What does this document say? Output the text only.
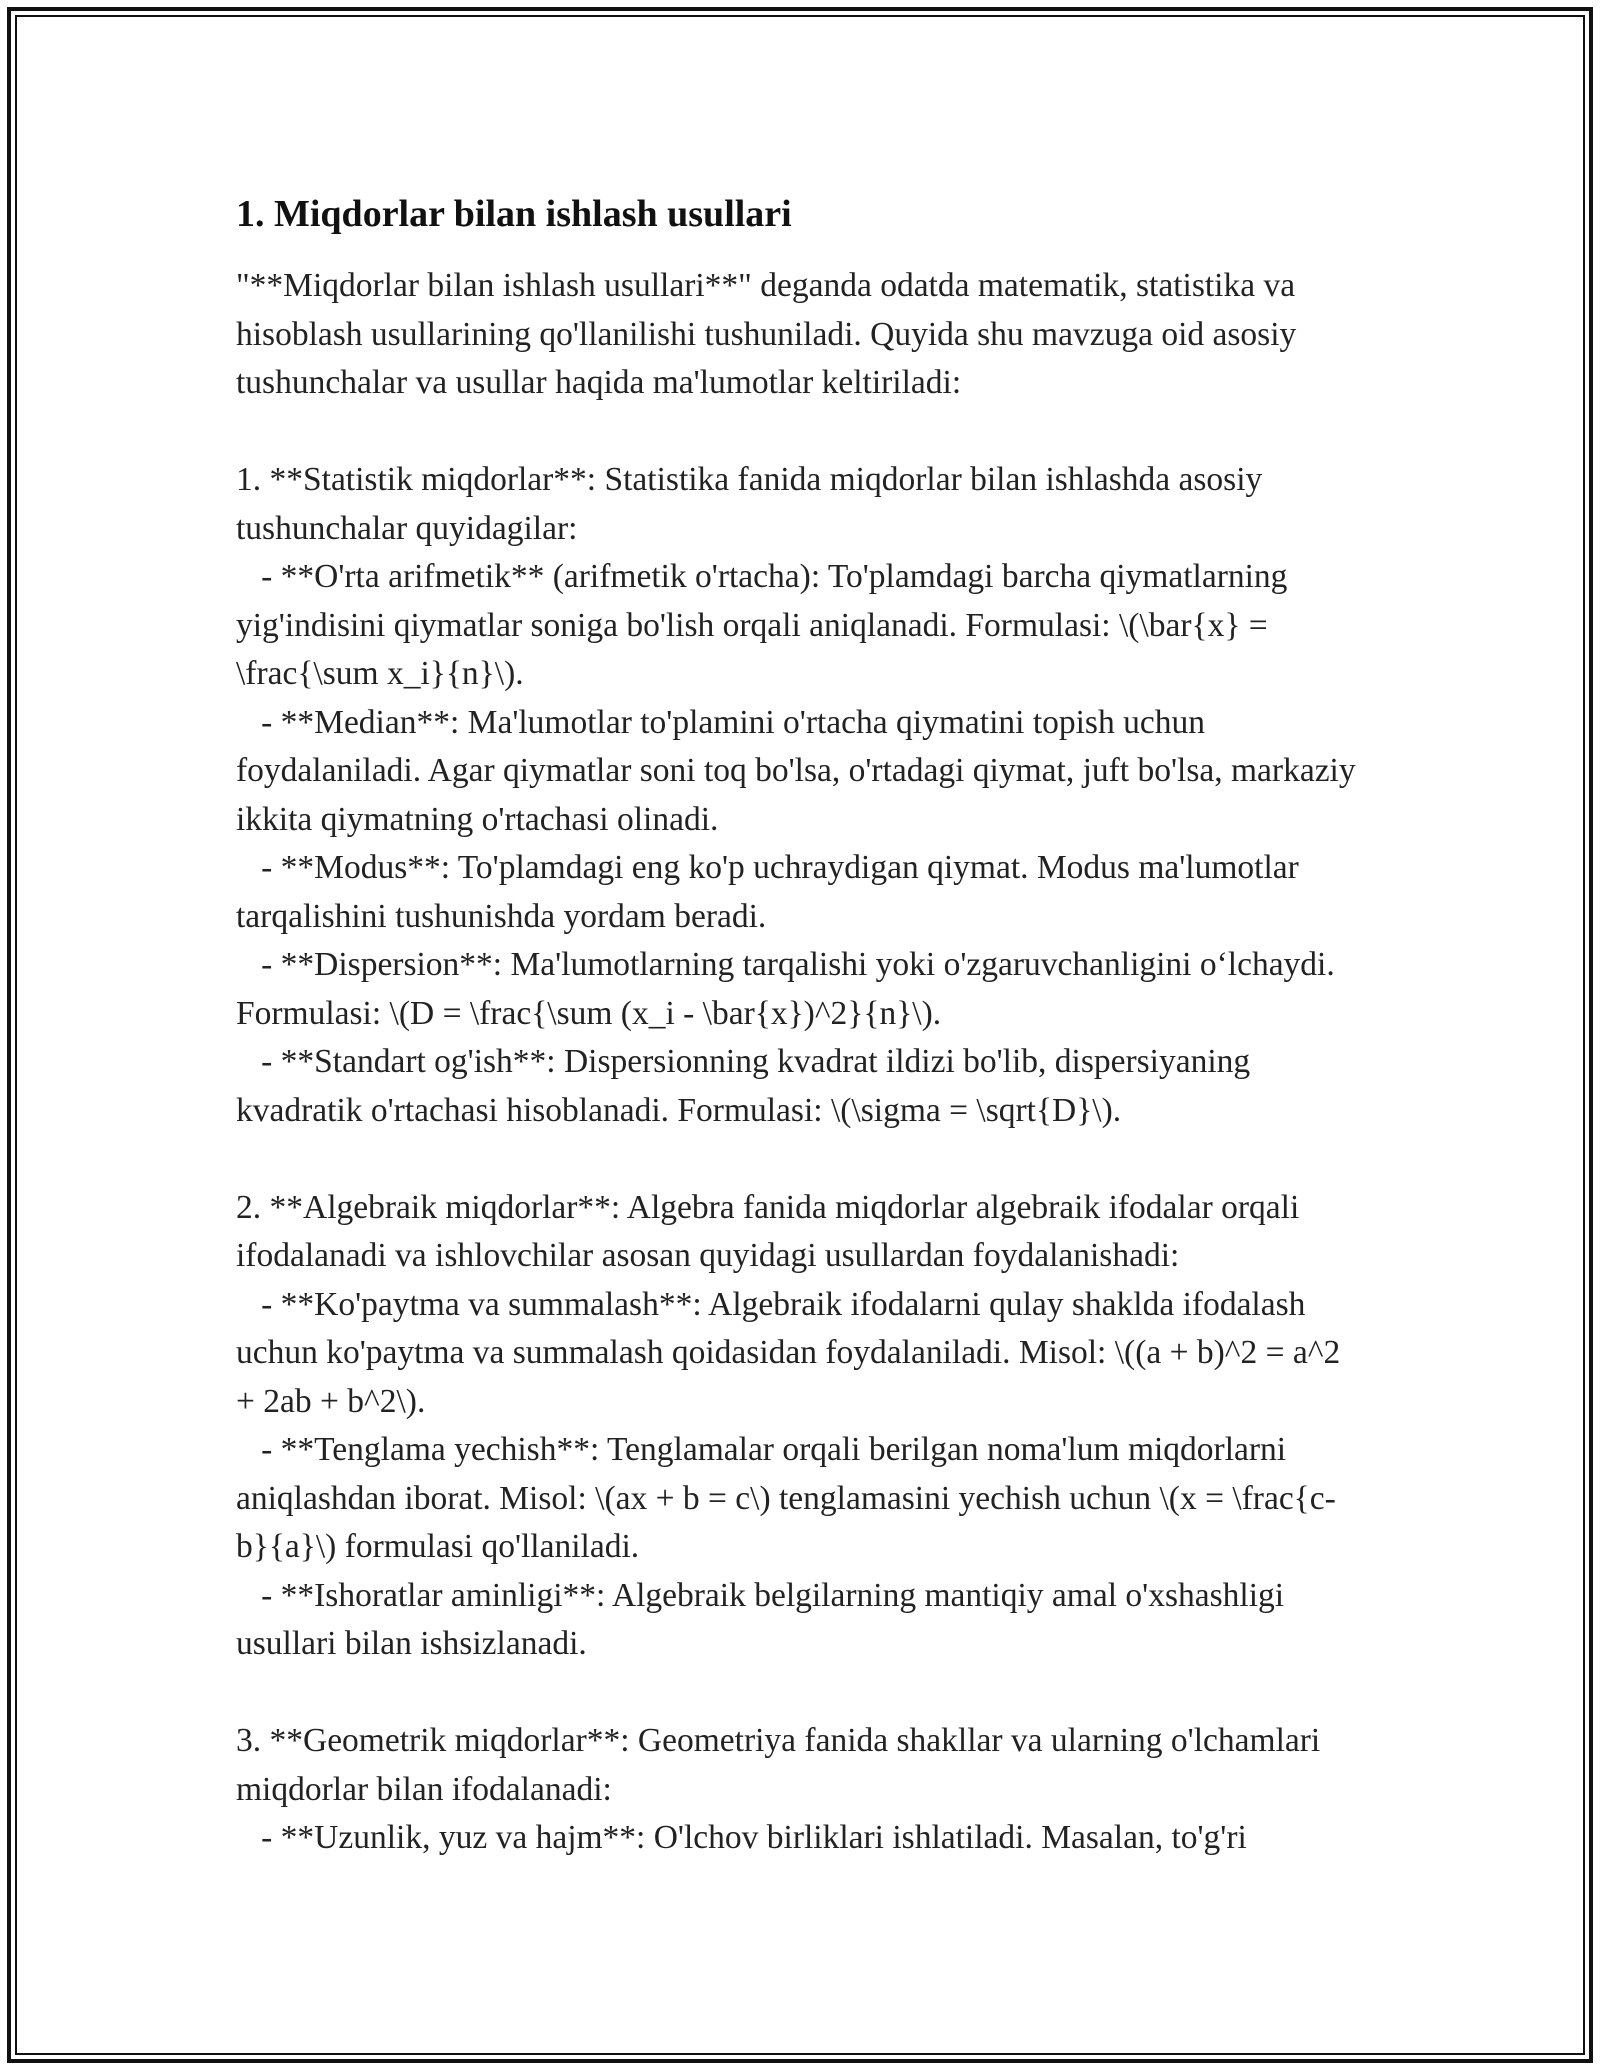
1. Miqdorlar bilan ishlash usullari

"**Miqdorlar bilan ishlash usullari**" deganda odatda matematik, statistika va hisoblash usullarining qo'llanilishi tushuniladi. Quyida shu mavzuga oid asosiy tushunchalar va usullar haqida ma'lumotlar keltiriladi:

1. **Statistik miqdorlar**: Statistika fanida miqdorlar bilan ishlashda asosiy tushunchalar quyidagilar:

- **O'rta arifmetik** (arifmetik o'rtacha): To'plamdagi barcha qiymatlarning yig'indisini qiymatlar soniga bo'lish orqali aniqlanadi. Formulasi: \(\bar{x} = \frac{\sum x_i}{n}\).

- **Median**: Ma'lumotlar to'plamini o'rtacha qiymatini topish uchun foydalaniladi. Agar qiymatlar soni toq bo'lsa, o'rtadagi qiymat, juft bo'lsa, markaziy ikkita qiymatning o'rtachasi olinadi.

- **Modus**: To'plamdagi eng ko'p uchraydigan qiymat. Modus ma'lumotlar tarqalishini tushunishda yordam beradi.

- **Dispersion**: Ma'lumotlarning tarqalishi yoki o'zgaruvchanligini o‘lchaydi. Formulasi: \(D = \frac{\sum (x_i - \bar{x})^2}{n}\).

- **Standart og'ish**: Dispersionning kvadrat ildizi bo'lib, dispersiyaning kvadratik o'rtachasi hisoblanadi. Formulasi: \(\sigma = \sqrt{D}\).

2. **Algebraik miqdorlar**: Algebra fanida miqdorlar algebraik ifodalar orqali ifodalanadi va ishlovchilar asosan quyidagi usullardan foydalanishadi:

- **Ko'paytma va summalash**: Algebraik ifodalarni qulay shaklda ifodalash uchun ko'paytma va summalash qoidasidan foydalaniladi. Misol: \((a + b)^2 = a^2 + 2ab + b^2\).

- **Tenglama yechish**: Tenglamalar orqali berilgan noma'lum miqdorlarni aniqlashdan iborat. Misol: \(ax + b = c\) tenglamasini yechish uchun \(x = \frac{c-b}{a}\) formulasi qo'llaniladi.

- **Ishoratlar aminligi**: Algebraik belgilarning mantiqiy amal o'xshashligi usullari bilan ishsizlanadi.

3. **Geometrik miqdorlar**: Geometriya fanida shakllar va ularning o'lchamlari miqdorlar bilan ifodalanadi:

- **Uzunlik, yuz va hajm**: O'lchov birliklari ishlatiladi. Masalan, to'g'ri
